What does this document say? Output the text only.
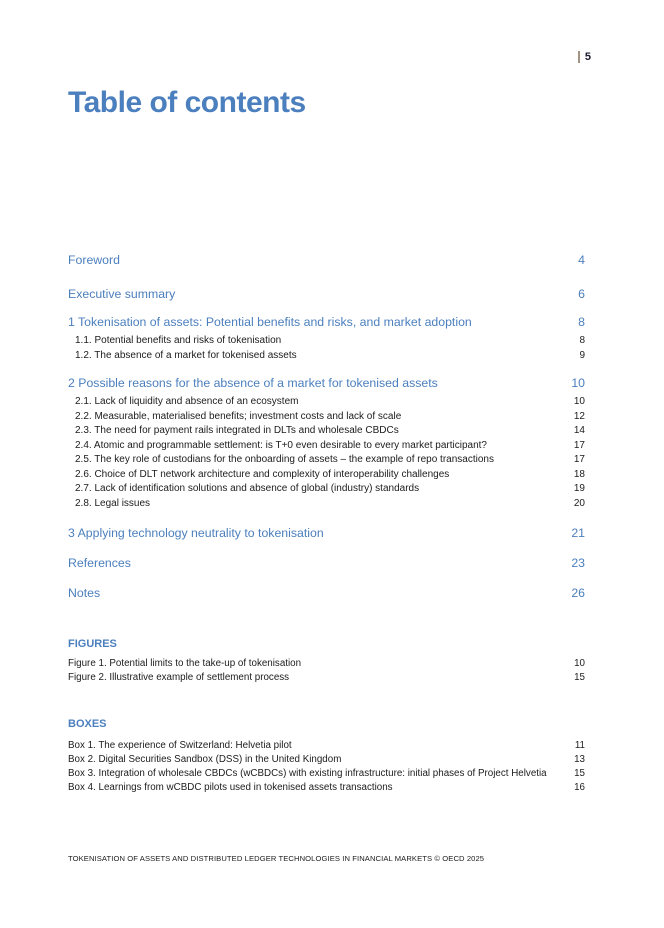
5
Table of contents
Foreword	4
Executive summary	6
1 Tokenisation of assets: Potential benefits and risks, and market adoption	8
1.1. Potential benefits and risks of tokenisation	8
1.2. The absence of a market for tokenised assets	9
2 Possible reasons for the absence of a market for tokenised assets	10
2.1. Lack of liquidity and absence of an ecosystem	10
2.2. Measurable, materialised benefits; investment costs and lack of scale	12
2.3. The need for payment rails integrated in DLTs and wholesale CBDCs	14
2.4. Atomic and programmable settlement: is T+0 even desirable to every market participant?	17
2.5. The key role of custodians for the onboarding of assets – the example of repo transactions	17
2.6. Choice of DLT network architecture and complexity of interoperability challenges	18
2.7. Lack of identification solutions and absence of global (industry) standards	19
2.8. Legal issues	20
3 Applying technology neutrality to tokenisation	21
References	23
Notes	26
FIGURES
Figure 1. Potential limits to the take-up of tokenisation	10
Figure 2. Illustrative example of settlement process	15
BOXES
Box 1. The experience of Switzerland: Helvetia pilot	11
Box 2. Digital Securities Sandbox (DSS) in the United Kingdom	13
Box 3. Integration of wholesale CBDCs (wCBDCs) with existing infrastructure: initial phases of Project Helvetia	15
Box 4. Learnings from wCBDC pilots used in tokenised assets transactions	16
TOKENISATION OF ASSETS AND DISTRIBUTED LEDGER TECHNOLOGIES IN FINANCIAL MARKETS © OECD 2025
